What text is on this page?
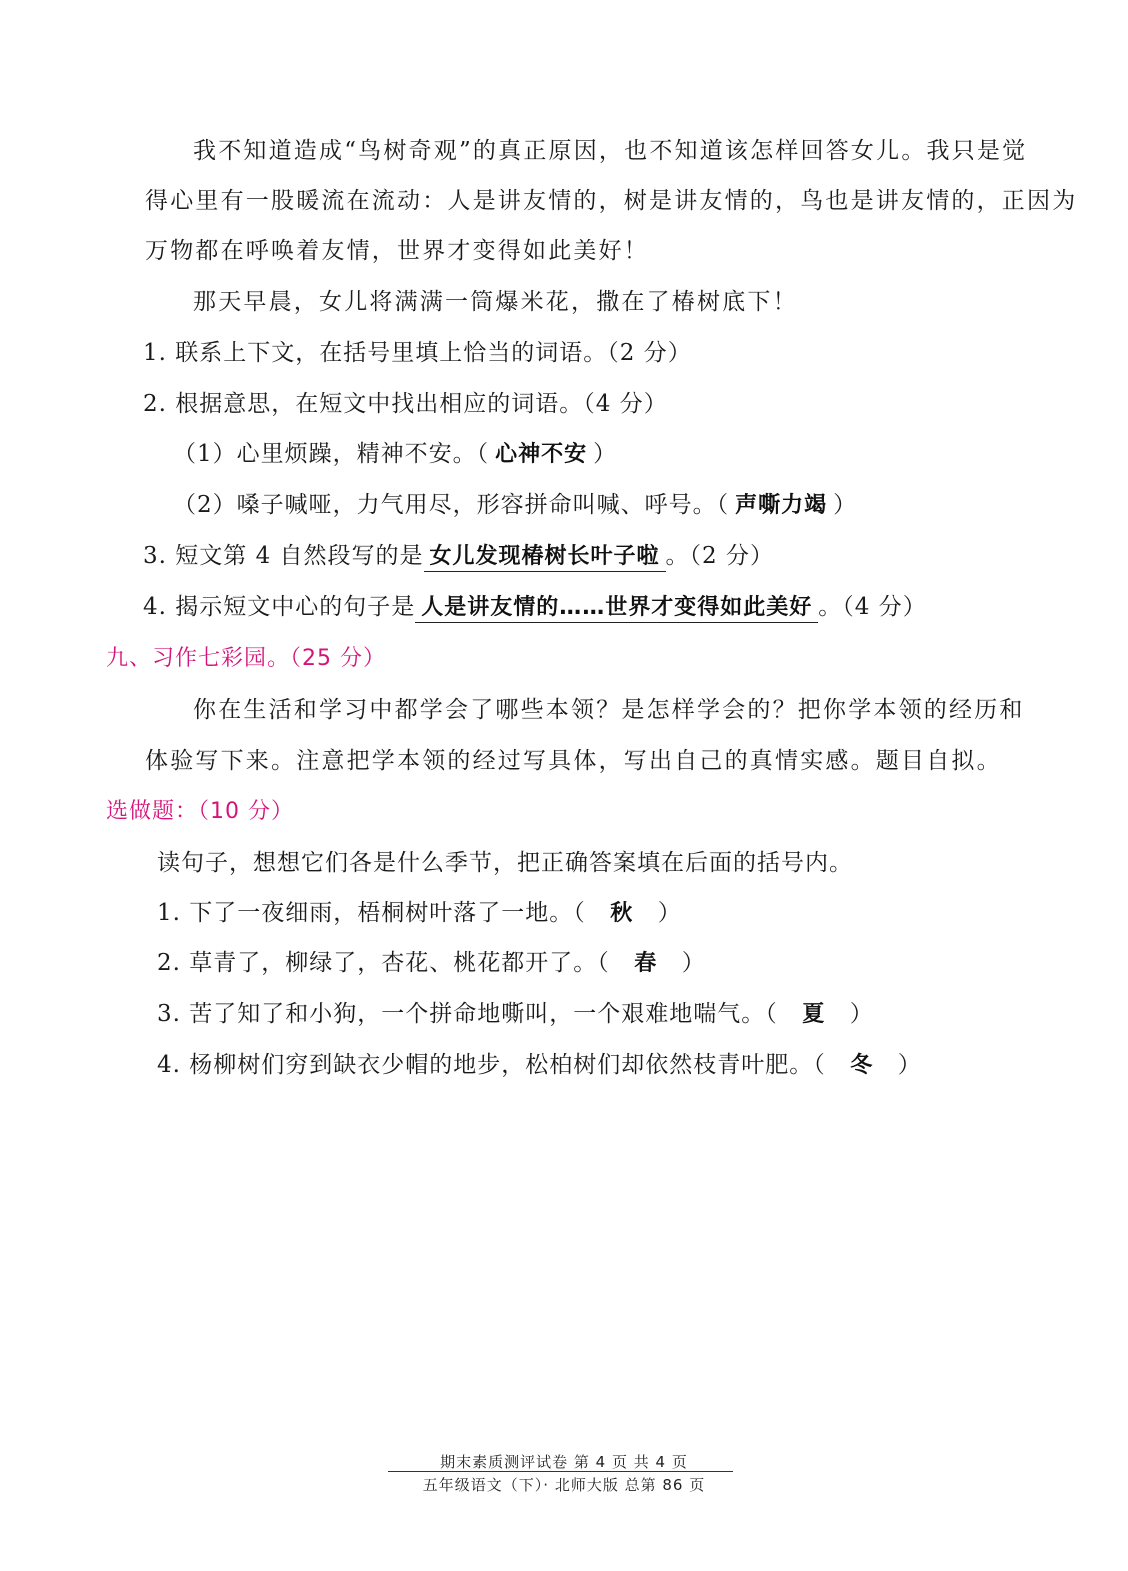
我不知道造成“鸟树奇观”的真正原因，也不知道该怎样回答女儿。我只是觉
得心里有一股暖流在流动：人是讲友情的，树是讲友情的，鸟也是讲友情的，正因为
万物都在呼唤着友情，世界才变得如此美好！
那天早晨，女儿将满满一筒爆米花，撒在了椿树底下！
1. 联系上下文，在括号里填上恰当的词语。（2 分）
2. 根据意思，在短文中找出相应的词语。（4 分）
（1）心里烦躁，精神不安。（ 心神不安 ）
（2）嗓子喊哑，力气用尽，形容拼命叫喊、呼号。（ 声嘶力竭 ）
3. 短文第 4 自然段写的是 女儿发现椿树长叶子啦 。（2 分）
4. 揭示短文中心的句子是 人是讲友情的……世界才变得如此美好 。（4 分）
九、习作七彩园。（25 分）
你在生活和学习中都学会了哪些本领？是怎样学会的？把你学本领的经历和
体验写下来。注意把学本领的经过写具体，写出自己的真情实感。题目自拟。
选做题：（10 分）
读句子，想想它们各是什么季节，把正确答案填在后面的括号内。
1. 下了一夜细雨，梧桐树叶落了一地。（ 秋 ）
2. 草青了，柳绿了，杏花、桃花都开了。（ 春 ）
3. 苦了知了和小狗，一个拼命地嘶叫，一个艰难地喘气。（ 夏 ）
4. 杨柳树们穷到缺衣少帽的地步，松柏树们却依然枝青叶肥。（ 冬 ）
期末素质测评试卷 第 4 页 共 4 页
五年级语文（下）· 北师大版 总第 86 页
